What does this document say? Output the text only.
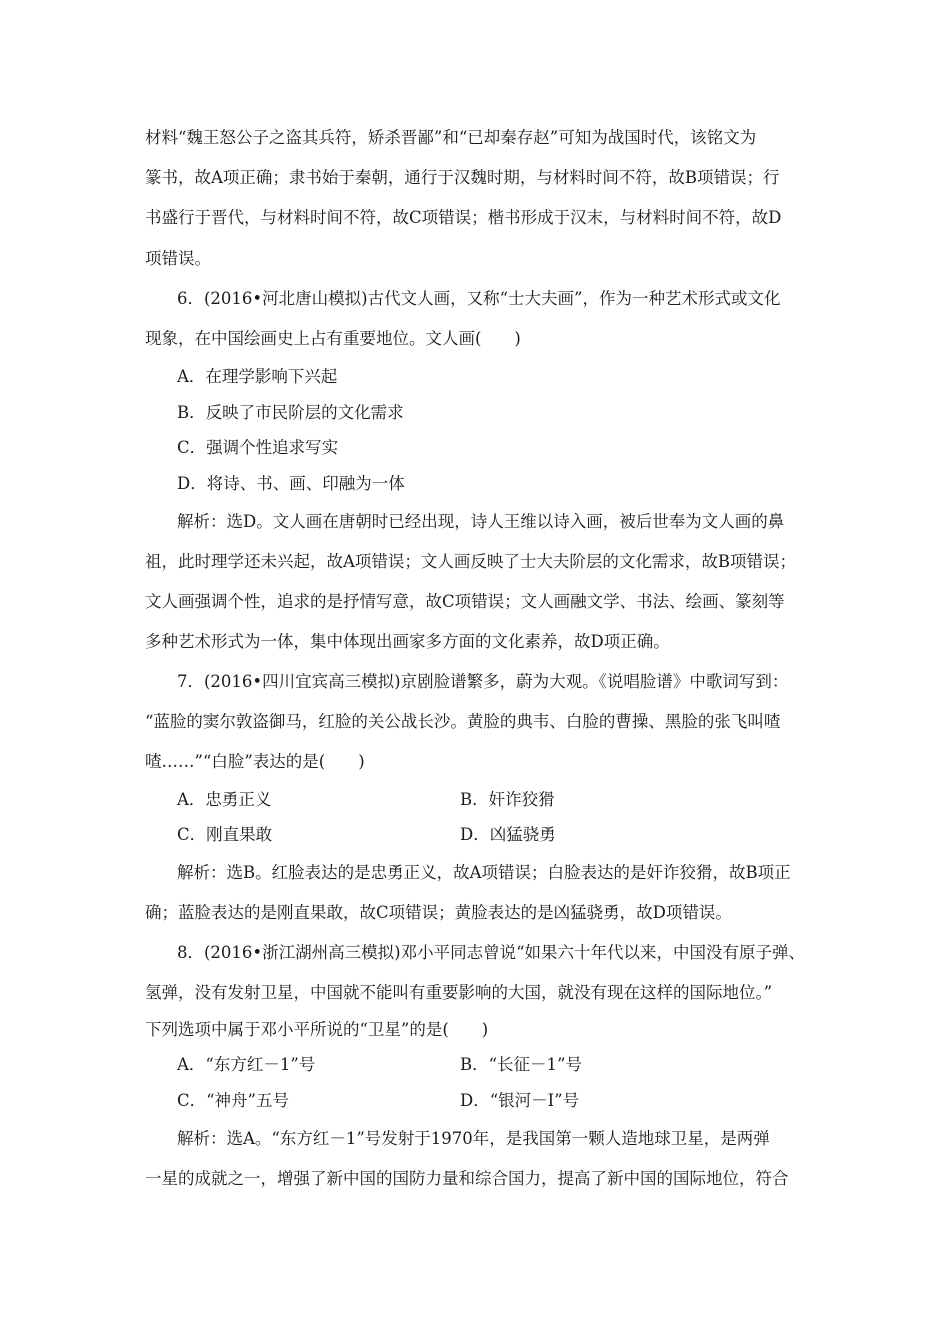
材料“魏王怒公子之盗其兵符，矫杀晋鄙”和“已却秦存赵”可知为战国时代，该铭文为
篆书，故A项正确；隶书始于秦朝，通行于汉魏时期，与材料时间不符，故B项错误；行
书盛行于晋代，与材料时间不符，故C项错误；楷书形成于汉末，与材料时间不符，故D
项错误。
6．(2016•河北唐山模拟)古代文人画，又称“士大夫画”，作为一种艺术形式或文化
现象，在中国绘画史上占有重要地位。文人画(　　)
A．在理学影响下兴起
B．反映了市民阶层的文化需求
C．强调个性追求写实
D．将诗、书、画、印融为一体
解析：选D。文人画在唐朝时已经出现，诗人王维以诗入画，被后世奉为文人画的鼻
祖，此时理学还未兴起，故A项错误；文人画反映了士大夫阶层的文化需求，故B项错误；
文人画强调个性，追求的是抒情写意，故C项错误；文人画融文学、书法、绘画、篆刻等
多种艺术形式为一体，集中体现出画家多方面的文化素养，故D项正确。
7．(2016•四川宜宾高三模拟)京剧脸谱繁多，蔚为大观。《说唱脸谱》中歌词写到：
“蓝脸的窦尔敦盗御马，红脸的关公战长沙。黄脸的典韦、白脸的曹操、黑脸的张飞叫喳
喳……”“白脸”表达的是(　　)
A．忠勇正义	B．奸诈狡猾
C．刚直果敢	D．凶猛骁勇
解析：选B。红脸表达的是忠勇正义，故A项错误；白脸表达的是奸诈狡猾，故B项正
确；蓝脸表达的是刚直果敢，故C项错误；黄脸表达的是凶猛骁勇，故D项错误。
8．(2016•浙江湖州高三模拟)邓小平同志曾说“如果六十年代以来，中国没有原子弹、
氢弹，没有发射卫星，中国就不能叫有重要影响的大国，就没有现在这样的国际地位。”
下列选项中属于邓小平所说的“卫星”的是(　　)
A．“东方红－1”号	B．“长征－1”号
C．“神舟”五号	D．“银河－Ⅰ”号
解析：选A。“东方红－1”号发射于1970年，是我国第一颗人造地球卫星，是两弹
一星的成就之一，增强了新中国的国防力量和综合国力，提高了新中国的国际地位，符合
